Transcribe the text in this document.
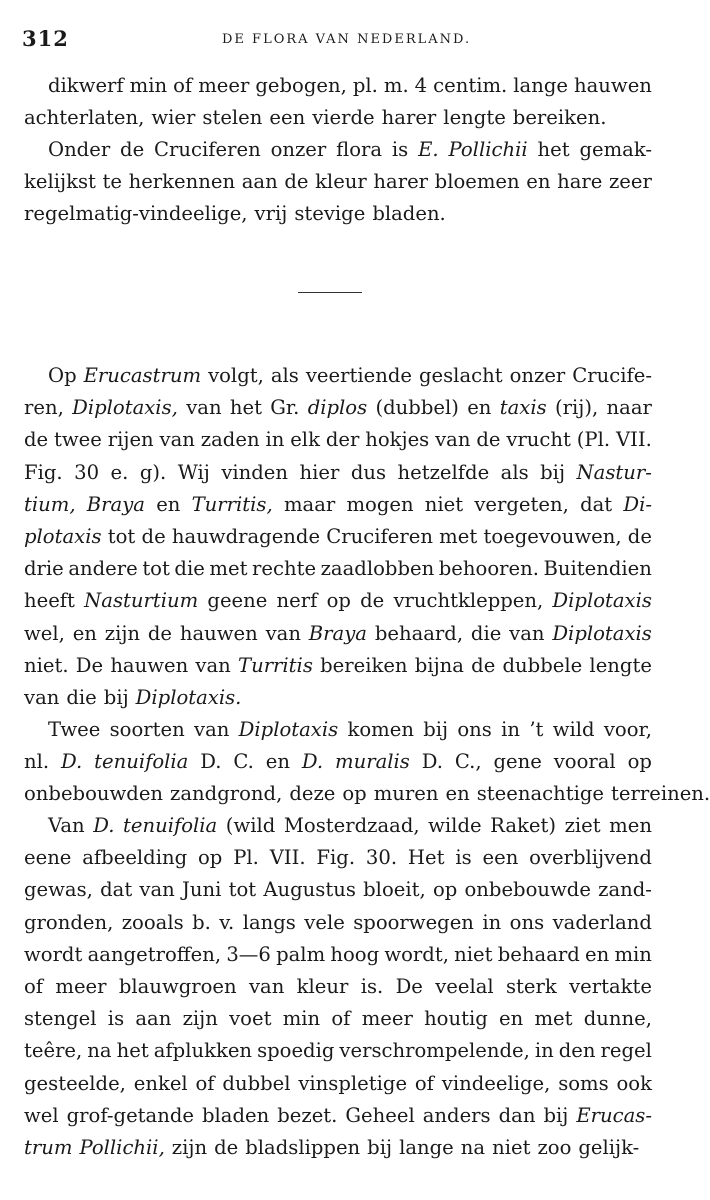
312	DE FLORA VAN NEDERLAND.
dikwerf min of meer gebogen, pl. m. 4 centim. lange hauwen
achterlaten, wier stelen een vierde harer lengte bereiken.
Onder de Cruciferen onzer flora is E. Pollichii het gemak-
kelijkst te herkennen aan de kleur harer bloemen en hare zeer
regelmatig-vindeelige, vrij stevige bladen.
Op Erucastrum volgt, als veertiende geslacht onzer Crucife-
ren, Diplotaxis, van het Gr. diplos (dubbel) en taxis (rij), naar
de twee rijen van zaden in elk der hokjes van de vrucht (Pl. VII.
Fig. 30 e. g). Wij vinden hier dus hetzelfde als bij Nastur-
tium, Braya en Turritis, maar mogen niet vergeten, dat Di-
plotaxis tot de hauwdragende Cruciferen met toegevouwen, de
drie andere tot die met rechte zaadlobben behooren. Buitendien
heeft Nasturtium geene nerf op de vruchtkleppen, Diplotaxis
wel, en zijn de hauwen van Braya behaard, die van Diplotaxis
niet. De hauwen van Turritis bereiken bijna de dubbele lengte
van die bij Diplotaxis.
Twee soorten van Diplotaxis komen bij ons in ’t wild voor,
nl. D. tenuifolia D. C. en D. muralis D. C., gene vooral op
onbebouwden zandgrond, deze op muren en steenachtige terreinen.
Van D. tenuifolia (wild Mosterdzaad, wilde Raket) ziet men
eene afbeelding op Pl. VII. Fig. 30. Het is een overblijvend
gewas, dat van Juni tot Augustus bloeit, op onbebouwde zand-
gronden, zooals b. v. langs vele spoorwegen in ons vaderland
wordt aangetroffen, 3—6 palm hoog wordt, niet behaard en min
of meer blauwgroen van kleur is. De veelal sterk vertakte
stengel is aan zijn voet min of meer houtig en met dunne,
teêre, na het afplukken spoedig verschrompelende, in den regel
gesteelde, enkel of dubbel vinspletige of vindeelige, soms ook
wel grof-getande bladen bezet. Geheel anders dan bij Erucas-
trum Pollichii, zijn de bladslippen bij lange na niet zoo gelijk-
